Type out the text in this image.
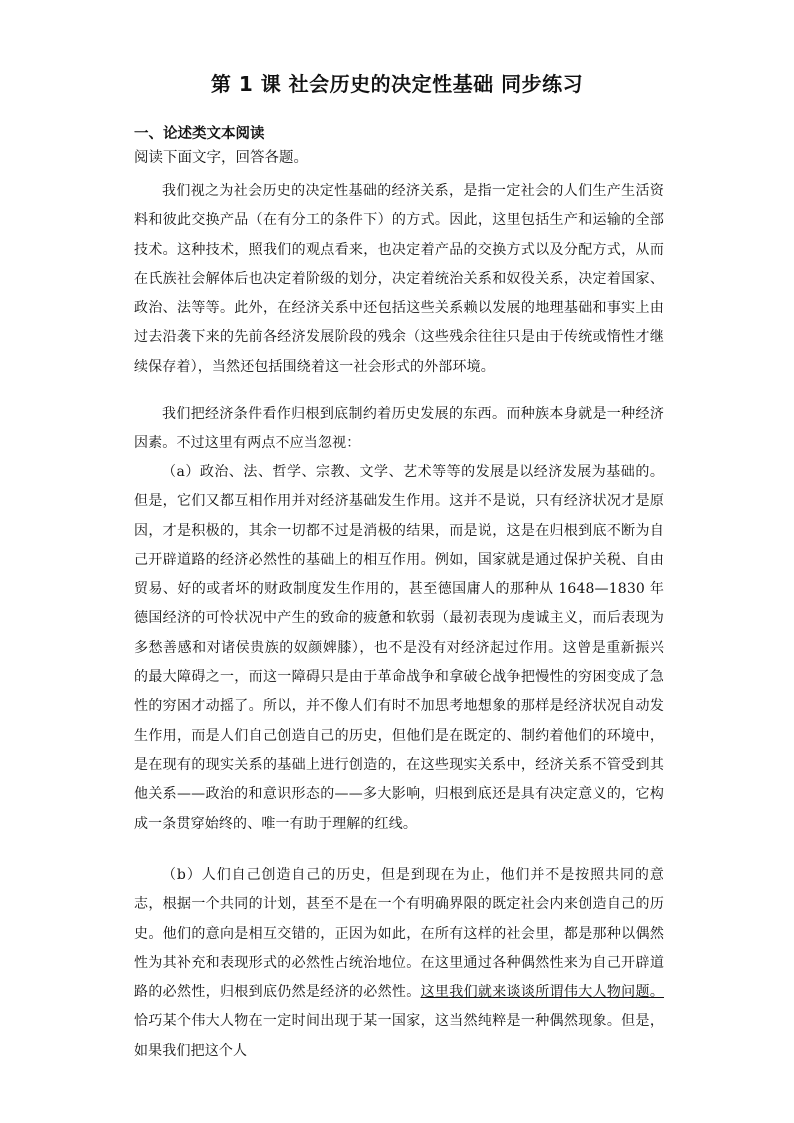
第 1 课 社会历史的决定性基础 同步练习
一、论述类文本阅读
阅读下面文字，回答各题。
我们视之为社会历史的决定性基础的经济关系，是指一定社会的人们生产生活资料和彼此交换产品（在有分工的条件下）的方式。因此，这里包括生产和运输的全部技术。这种技术，照我们的观点看来，也决定着产品的交换方式以及分配方式，从而在氏族社会解体后也决定着阶级的划分，决定着统治关系和奴役关系，决定着国家、政治、法等等。此外，在经济关系中还包括这些关系赖以发展的地理基础和事实上由过去沿袭下来的先前各经济发展阶段的残余（这些残余往往只是由于传统或惰性才继续保存着），当然还包括围绕着这一社会形式的外部环境。
我们把经济条件看作归根到底制约着历史发展的东西。而种族本身就是一种经济因素。不过这里有两点不应当忽视：
（a）政治、法、哲学、宗教、文学、艺术等等的发展是以经济发展为基础的。但是，它们又都互相作用并对经济基础发生作用。这并不是说，只有经济状况才是原因，才是积极的，其余一切都不过是消极的结果，而是说，这是在归根到底不断为自己开辟道路的经济必然性的基础上的相互作用。例如，国家就是通过保护关税、自由贸易、好的或者坏的财政制度发生作用的，甚至德国庸人的那种从 1648—1830 年德国经济的可怜状况中产生的致命的疲惫和软弱（最初表现为虔诚主义，而后表现为多愁善感和对诸侯贵族的奴颜婢膝），也不是没有对经济起过作用。这曾是重新振兴的最大障碍之一，而这一障碍只是由于革命战争和拿破仑战争把慢性的穷困变成了急性的穷困才动摇了。所以，并不像人们有时不加思考地想象的那样是经济状况自动发生作用，而是人们自己创造自己的历史，但他们是在既定的、制约着他们的环境中，是在现有的现实关系的基础上进行创造的，在这些现实关系中，经济关系不管受到其他关系——政治的和意识形态的——多大影响，归根到底还是具有决定意义的，它构成一条贯穿始终的、唯一有助于理解的红线。
（b）人们自己创造自己的历史，但是到现在为止，他们并不是按照共同的意志，根据一个共同的计划，甚至不是在一个有明确界限的既定社会内来创造自己的历史。他们的意向是相互交错的，正因为如此，在所有这样的社会里，都是那种以偶然性为其补充和表现形式的必然性占统治地位。在这里通过各种偶然性来为自己开辟道路的必然性，归根到底仍然是经济的必然性。这里我们就来谈谈所谓伟大人物问题。恰巧某个伟大人物在一定时间出现于某一国家，这当然纯粹是一种偶然现象。但是，如果我们把这个人
